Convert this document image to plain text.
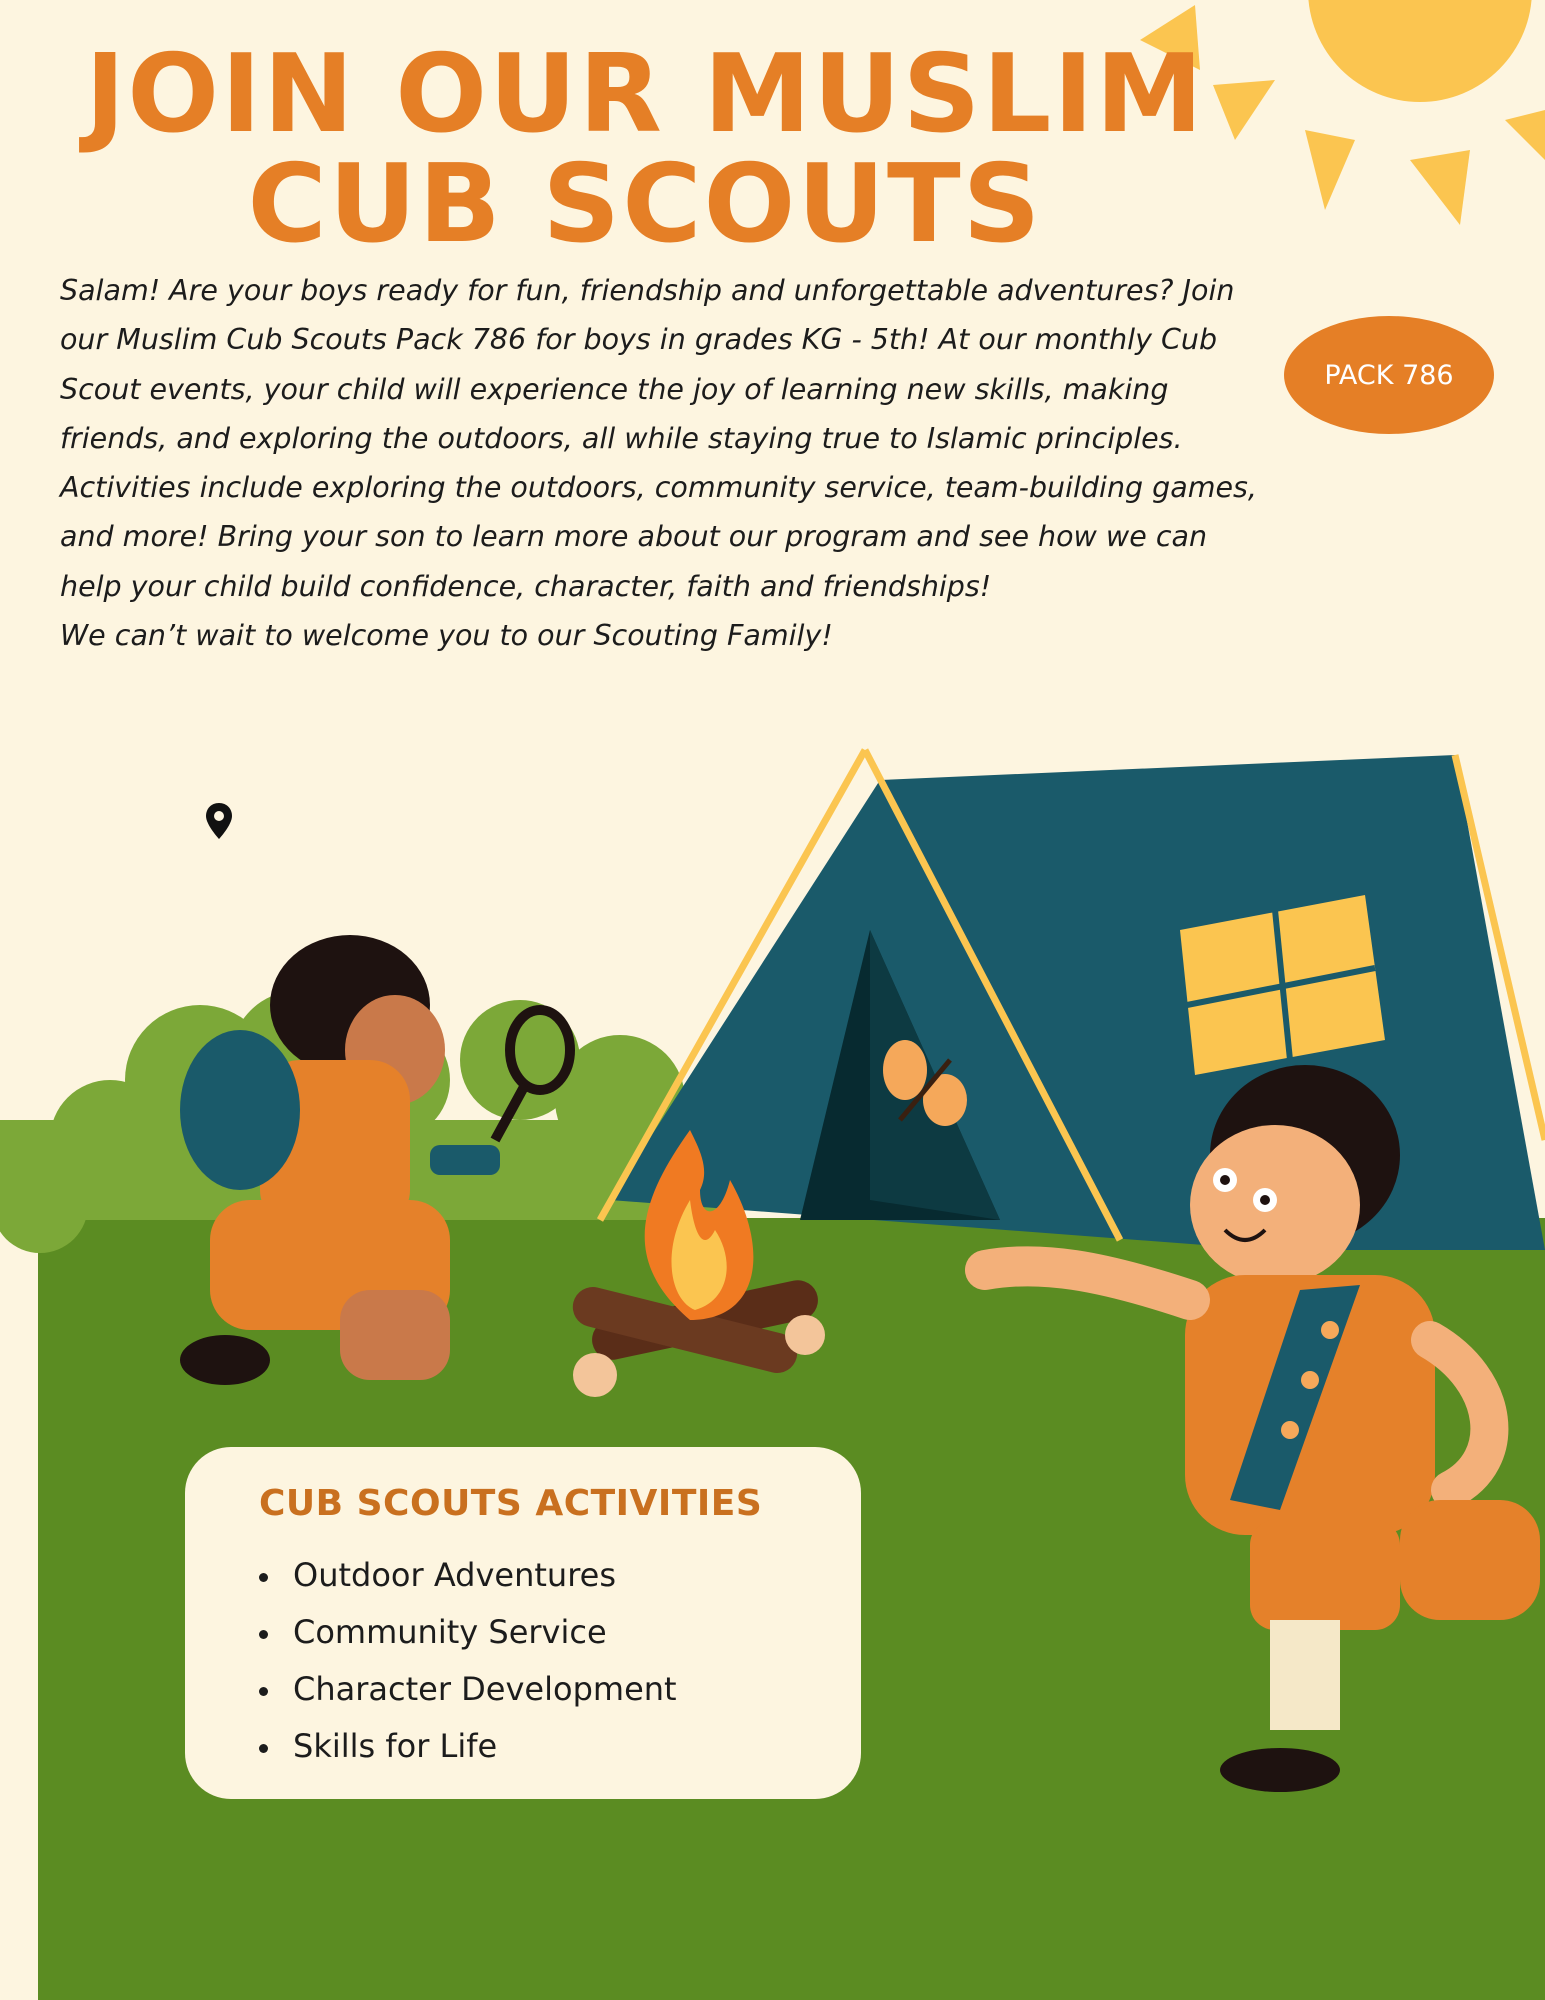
JOIN OUR MUSLIM
CUB SCOUTS

Salam! Are your boys ready for fun, friendship and unforgettable adventures? Join our Muslim Cub Scouts Pack 786 for boys in grades KG - 5th! At our monthly Cub Scout events, your child will experience the joy of learning new skills, making friends, and exploring the outdoors, all while staying true to Islamic principles. Activities include exploring the outdoors, community service, team-building games, and more! Bring your son to learn more about our program and see how we can help your child build confidence, character, faith and friendships!

We can’t wait to welcome you to our Scouting Family!

PACK 786
CUB SCOUTS ACTIVITIES
Outdoor Adventures
Community Service
Character Development
Skills for Life
